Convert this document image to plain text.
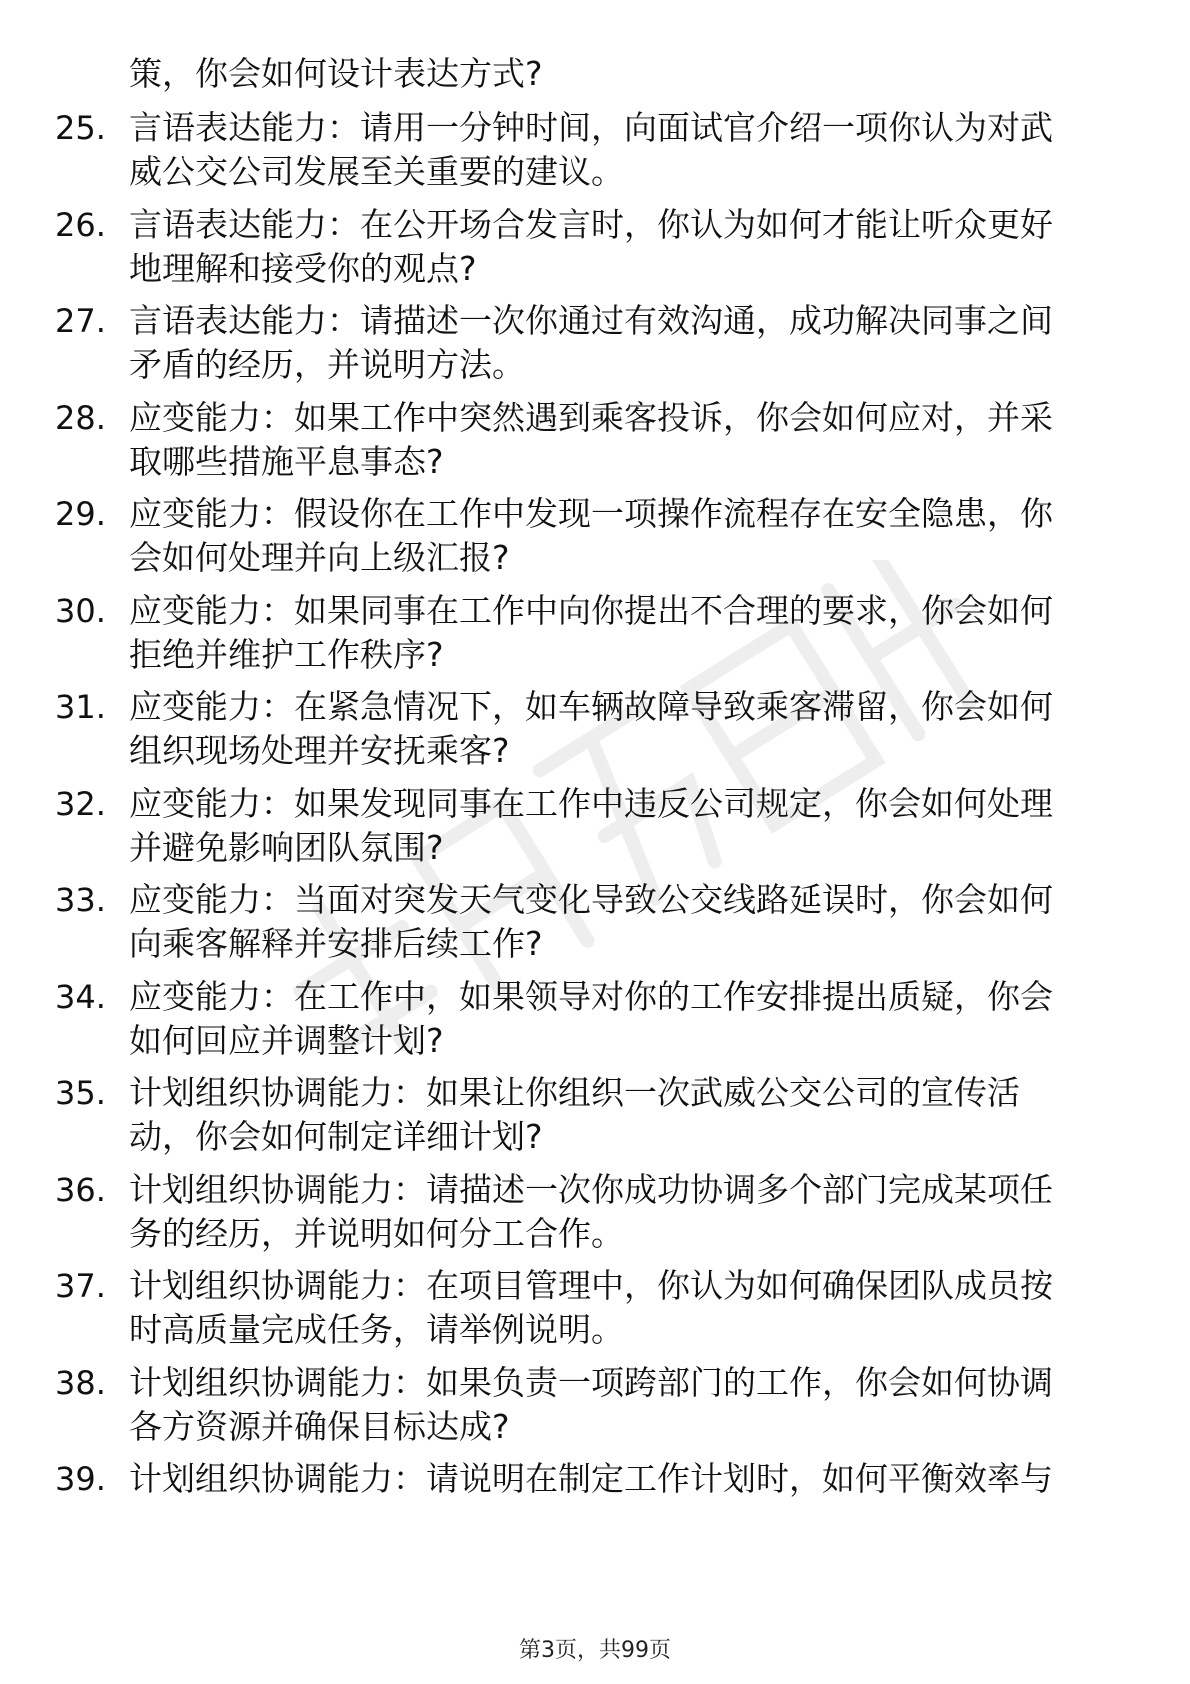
策，你会如何设计表达方式?
25. 言语表达能力：请用一分钟时间，向面试官介绍一项你认为对武
威公交公司发展至关重要的建议。
26. 言语表达能力：在公开场合发言时，你认为如何才能让听众更好
地理解和接受你的观点?
27. 言语表达能力：请描述一次你通过有效沟通，成功解决同事之间
矛盾的经历，并说明方法。
28. 应变能力：如果工作中突然遇到乘客投诉，你会如何应对，并采
取哪些措施平息事态?
29. 应变能力：假设你在工作中发现一项操作流程存在安全隐患，你
会如何处理并向上级汇报?
30. 应变能力：如果同事在工作中向你提出不合理的要求，你会如何
拒绝并维护工作秩序?
31. 应变能力：在紧急情况下，如车辆故障导致乘客滞留，你会如何
组织现场处理并安抚乘客?
32. 应变能力：如果发现同事在工作中违反公司规定，你会如何处理
并避免影响团队氛围?
33. 应变能力：当面对突发天气变化导致公交线路延误时，你会如何
向乘客解释并安排后续工作?
34. 应变能力：在工作中，如果领导对你的工作安排提出质疑，你会
如何回应并调整计划?
35. 计划组织协调能力：如果让你组织一次武威公交公司的宣传活
动，你会如何制定详细计划?
36. 计划组织协调能力：请描述一次你成功协调多个部门完成某项任
务的经历，并说明如何分工合作。
37. 计划组织协调能力：在项目管理中，你认为如何确保团队成员按
时高质量完成任务，请举例说明。
38. 计划组织协调能力：如果负责一项跨部门的工作，你会如何协调
各方资源并确保目标达成?
39. 计划组织协调能力：请说明在制定工作计划时，如何平衡效率与
第3页，共99页
